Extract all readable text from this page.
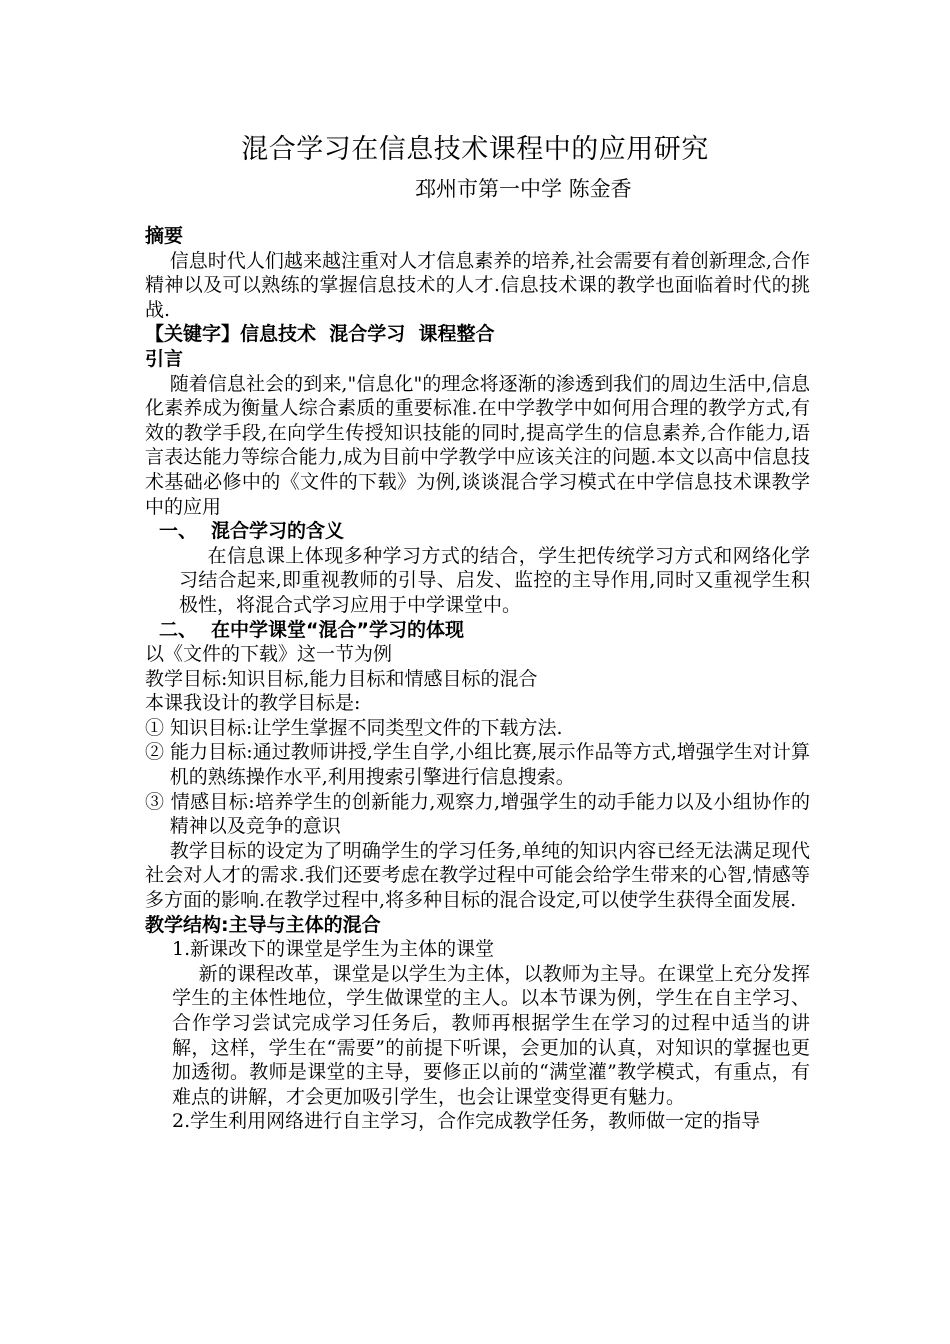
混合学习在信息技术课程中的应用研究
邳州市第一中学 陈金香
摘要

信息时代人们越来越注重对人才信息素养的培养,社会需要有着创新理念,合作精神以及可以熟练的掌握信息技术的人才.信息技术课的教学也面临着时代的挑战.

【关键字】信息技术  混合学习  课程整合
引言

随着信息社会的到来,"信息化"的理念将逐渐的渗透到我们的周边生活中,信息化素养成为衡量人综合素质的重要标准.在中学教学中如何用合理的教学方式,有效的教学手段,在向学生传授知识技能的同时,提高学生的信息素养,合作能力,语言表达能力等综合能力,成为目前中学教学中应该关注的问题.本文以高中信息技术基础必修中的《文件的下载》为例,谈谈混合学习模式在中学信息技术课教学中的应用

一、 混合学习的含义

在信息课上体现多种学习方式的结合，学生把传统学习方式和网络化学习结合起来,即重视教师的引导、启发、监控的主导作用,同时又重视学生积极性，将混合式学习应用于中学课堂中。

二、 在中学课堂“混合”学习的体现
以《文件的下载》这一节为例
教学目标:知识目标,能力目标和情感目标的混合
本课我设计的教学目标是:
① 知识目标:让学生掌握不同类型文件的下载方法.
② 能力目标:通过教师讲授,学生自学,小组比赛,展示作品等方式,增强学生对计算机的熟练操作水平,利用搜索引擎进行信息搜索。
③ 情感目标:培养学生的创新能力,观察力,增强学生的动手能力以及小组协作的精神以及竞争的意识

教学目标的设定为了明确学生的学习任务,单纯的知识内容已经无法满足现代社会对人才的需求.我们还要考虑在教学过程中可能会给学生带来的心智,情感等多方面的影响.在教学过程中,将多种目标的混合设定,可以使学生获得全面发展.

教学结构:主导与主体的混合
1.新课改下的课堂是学生为主体的课堂

新的课程改革，课堂是以学生为主体，以教师为主导。在课堂上充分发挥学生的主体性地位，学生做课堂的主人。以本节课为例，学生在自主学习、合作学习尝试完成学习任务后，教师再根据学生在学习的过程中适当的讲解，这样，学生在“需要”的前提下听课，会更加的认真，对知识的掌握也更加透彻。教师是课堂的主导，要修正以前的“满堂灌”教学模式，有重点，有难点的讲解，才会更加吸引学生，也会让课堂变得更有魅力。

2.学生利用网络进行自主学习，合作完成教学任务，教师做一定的指导
